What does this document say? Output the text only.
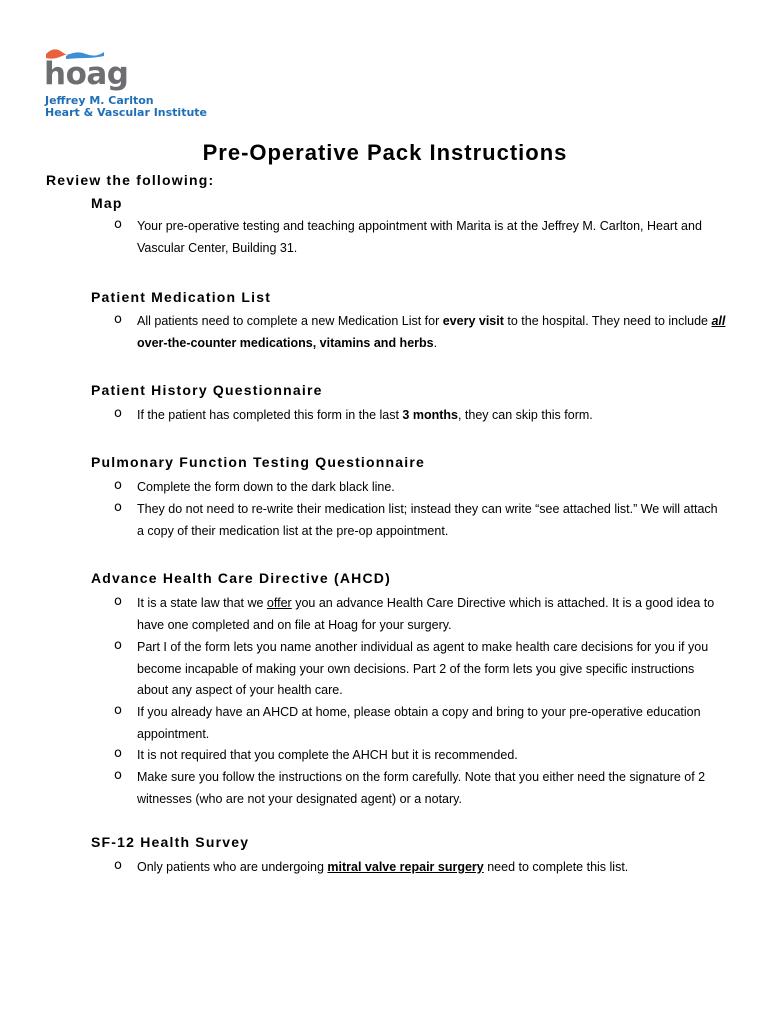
hoag
Jeffrey M. Carlton
Heart & Vascular Institute
Pre-Operative Pack Instructions
Review the following:
Map
o Your pre-operative testing and teaching appointment with Marita is at the Jeffrey M. Carlton, Heart and Vascular Center, Building 31.
Patient Medication List
o All patients need to complete a new Medication List for every visit to the hospital. They need to include all over-the-counter medications, vitamins and herbs.
Patient History Questionnaire
o If the patient has completed this form in the last 3 months, they can skip this form.
Pulmonary Function Testing Questionnaire
o Complete the form down to the dark black line.
o They do not need to re-write their medication list; instead they can write “see attached list.” We will attach a copy of their medication list at the pre-op appointment.
Advance Health Care Directive (AHCD)
o It is a state law that we offer you an advance Health Care Directive which is attached. It is a good idea to have one completed and on file at Hoag for your surgery.
o Part I of the form lets you name another individual as agent to make health care decisions for you if you become incapable of making your own decisions. Part 2 of the form lets you give specific instructions about any aspect of your health care.
o If you already have an AHCD at home, please obtain a copy and bring to your pre-operative education appointment.
o It is not required that you complete the AHCH but it is recommended.
o Make sure you follow the instructions on the form carefully. Note that you either need the signature of 2 witnesses (who are not your designated agent) or a notary.
SF-12 Health Survey
o Only patients who are undergoing mitral valve repair surgery need to complete this list.
